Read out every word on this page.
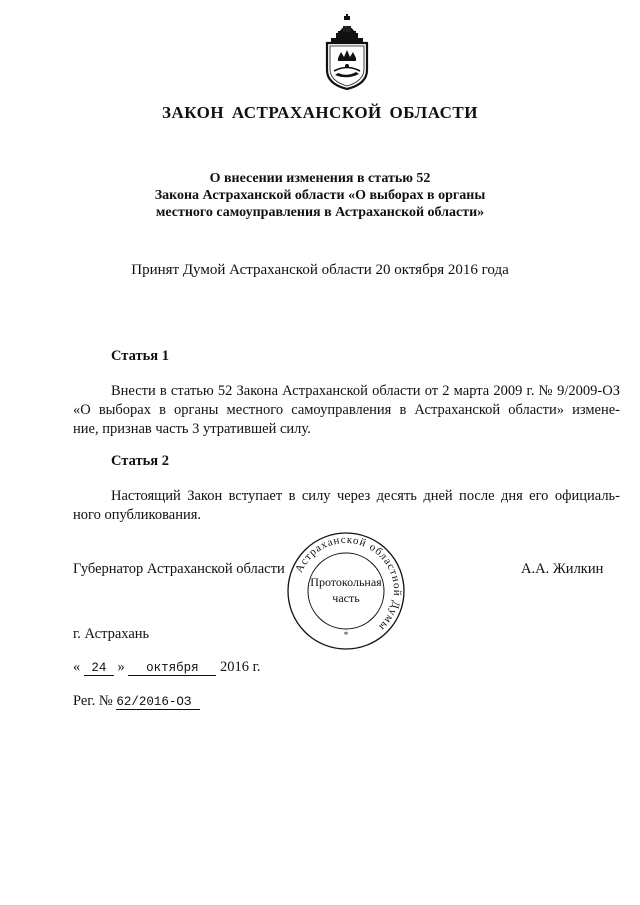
ЗАКОН АСТРАХАНСКОЙ ОБЛАСТИ
О внесении изменения в статью 52
Закона Астраханской области «О выборах в органы
местного самоуправления в Астраханской области»
Принят Думой Астраханской области 20 октября 2016 года
Статья 1
Внести в статью 52 Закона Астраханской области от 2 марта 2009 г. № 9/2009-ОЗ
«О выборах в органы местного самоуправления в Астраханской области» измене-
ние, признав часть 3 утратившей силу.
Статья 2
Настоящий Закон вступает в силу через десять дней после дня его официаль-
ного опубликования.
Губернатор Астраханской области	А.А. Жилкин
Астраханской областной Думы
Протокольная
часть
*
г. Астрахань
« 24 » октября 2016 г.
Рег. № 62/2016-ОЗ
